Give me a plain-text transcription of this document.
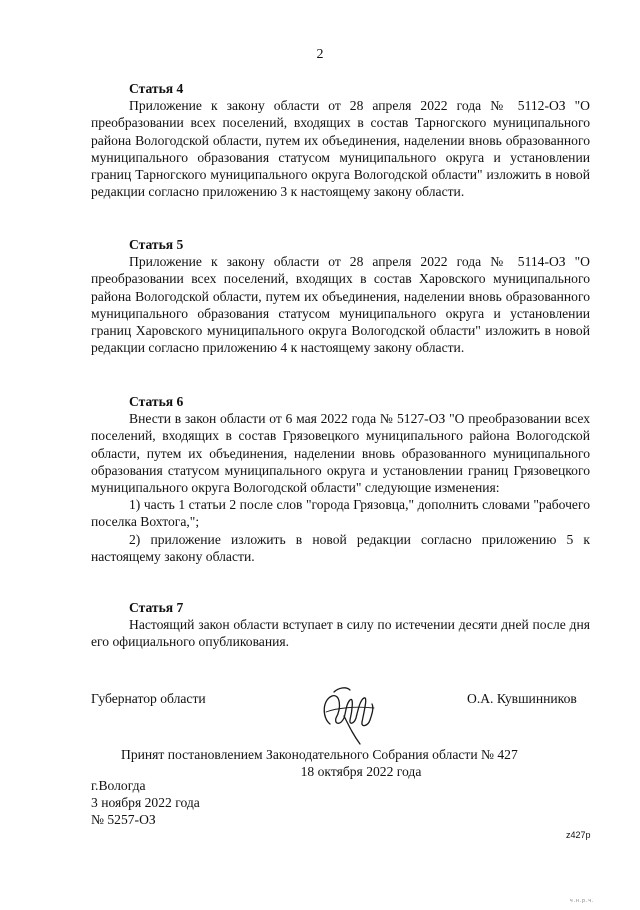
2
Статья 4

Приложение к закону области от 28 апреля 2022 года № 5112-ОЗ "О преобразовании всех поселений, входящих в состав Тарногского муниципального района Вологодской области, путем их объединения, наделении вновь образованного муниципального образования статусом муниципального округа и установлении границ Тарногского муниципального округа Вологодской области" изложить в новой редакции согласно приложению 3 к настоящему закону области.

Статья 5

Приложение к закону области от 28 апреля 2022 года № 5114-ОЗ "О преобразовании всех поселений, входящих в состав Харовского муниципального района Вологодской области, путем их объединения, наделении вновь образованного муниципального образования статусом муниципального округа и установлении границ Харовского муниципального округа Вологодской области" изложить в новой редакции согласно приложению 4 к настоящему закону области.

Статья 6

Внести в закон области от 6 мая 2022 года № 5127-ОЗ "О преобразовании всех поселений, входящих в состав Грязовецкого муниципального района Вологодской области, путем их объединения, наделении вновь образованного муниципального образования статусом муниципального округа и установлении границ Грязовецкого муниципального округа Вологодской области" следующие изменения:

1) часть 1 статьи 2 после слов "города Грязовца," дополнить словами "рабочего поселка Вохтога,";

2) приложение изложить в новой редакции согласно приложению 5 к настоящему закону области.

Статья 7

Настоящий закон области вступает в силу по истечении десяти дней после дня его официального опубликования.

Губернатор области	О.А. Кувшинников
Принят постановлением Законодательного Собрания области № 427
18 октября 2022 года
г.Вологда
3 ноября 2022 года
№ 5257-ОЗ
z427р
ч.н.р.ч.
